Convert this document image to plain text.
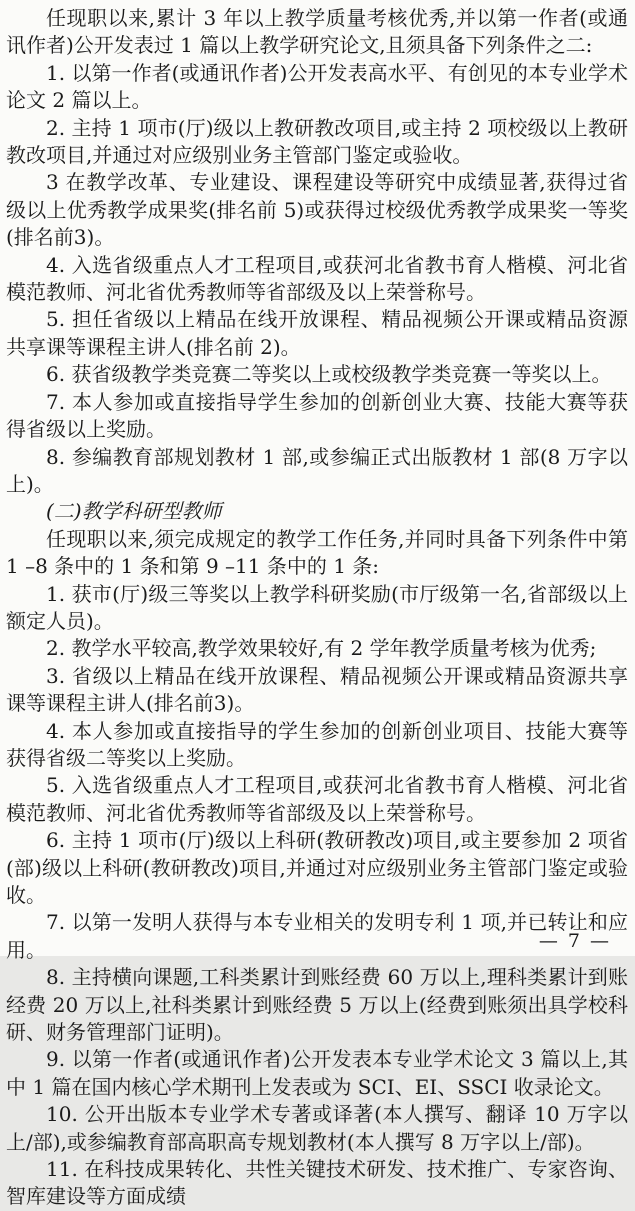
任现职以来,累计 3 年以上教学质量考核优秀,并以第一作者(或通讯作者)公开发表过 1 篇以上教学研究论文,且须具备下列条件之二:

1. 以第一作者(或通讯作者)公开发表高水平、有创见的本专业学术论文 2 篇以上。

2. 主持 1 项市(厅)级以上教研教改项目,或主持 2 项校级以上教研教改项目,并通过对应级别业务主管部门鉴定或验收。

3 在教学改革、专业建设、课程建设等研究中成绩显著,获得过省级以上优秀教学成果奖(排名前 5)或获得过校级优秀教学成果奖一等奖(排名前3)。

4. 入选省级重点人才工程项目,或获河北省教书育人楷模、河北省模范教师、河北省优秀教师等省部级及以上荣誉称号。

5. 担任省级以上精品在线开放课程、精品视频公开课或精品资源共享课等课程主讲人(排名前 2)。

6. 获省级教学类竞赛二等奖以上或校级教学类竞赛一等奖以上。

7. 本人参加或直接指导学生参加的创新创业大赛、技能大赛等获得省级以上奖励。

8. 参编教育部规划教材 1 部,或参编正式出版教材 1 部(8 万字以上)。

(二)教学科研型教师

任现职以来,须完成规定的教学工作任务,并同时具备下列条件中第 1 –8 条中的 1 条和第 9 –11 条中的 1 条:

1. 获市(厅)级三等奖以上教学科研奖励(市厅级第一名,省部级以上额定人员)。

2. 教学水平较高,教学效果较好,有 2 学年教学质量考核为优秀;

3. 省级以上精品在线开放课程、精品视频公开课或精品资源共享课等课程主讲人(排名前3)。

4. 本人参加或直接指导的学生参加的创新创业项目、技能大赛等获得省级二等奖以上奖励。

5. 入选省级重点人才工程项目,或获河北省教书育人楷模、河北省模范教师、河北省优秀教师等省部级及以上荣誉称号。

6. 主持 1 项市(厅)级以上科研(教研教改)项目,或主要参加 2 项省(部)级以上科研(教研教改)项目,并通过对应级别业务主管部门鉴定或验收。

7. 以第一发明人获得与本专业相关的发明专利 1 项,并已转让和应用。

8. 主持横向课题,工科类累计到账经费 60 万以上,理科类累计到账经费 20 万以上,社科类累计到账经费 5 万以上(经费到账须出具学校科研、财务管理部门证明)。

9. 以第一作者(或通讯作者)公开发表本专业学术论文 3 篇以上,其中 1 篇在国内核心学术期刊上发表或为 SCI、EI、SSCI 收录论文。

10. 公开出版本专业学术专著或译著(本人撰写、翻译 10 万字以上/部),或参编教育部高职高专规划教材(本人撰写 8 万字以上/部)。

11. 在科技成果转化、共性关键技术研发、技术推广、专家咨询、智库建设等方面成绩

— 7 —
